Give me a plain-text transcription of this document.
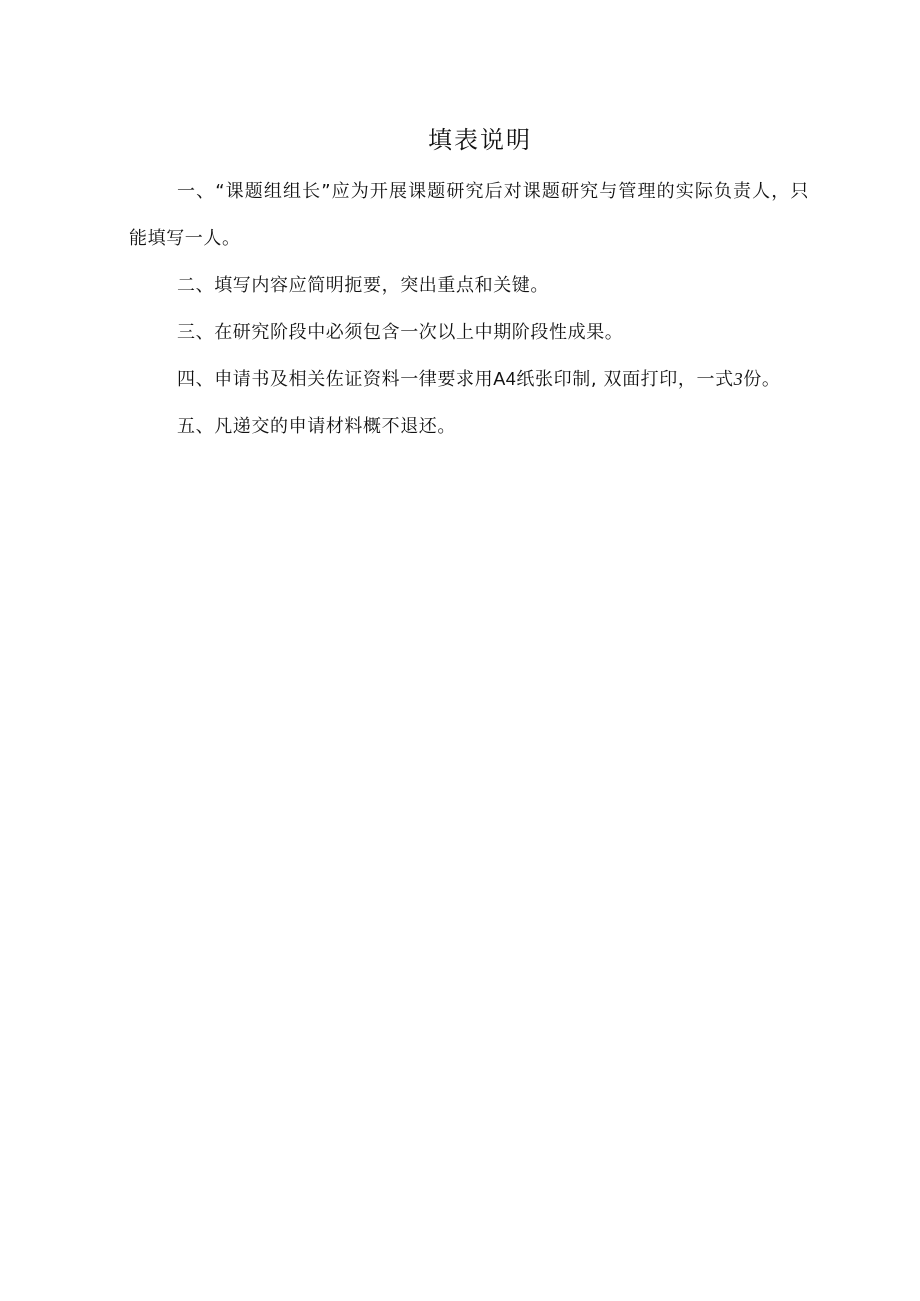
填表说明

一、“课题组组长”应为开展课题研究后对课题研究与管理的实际负责人，只能填写一人。

二、填写内容应简明扼要，突出重点和关键。

三、在研究阶段中必须包含一次以上中期阶段性成果。

四、申请书及相关佐证资料一律要求用A4纸张印制, 双面打印，一式3份。

五、凡递交的申请材料概不退还。
